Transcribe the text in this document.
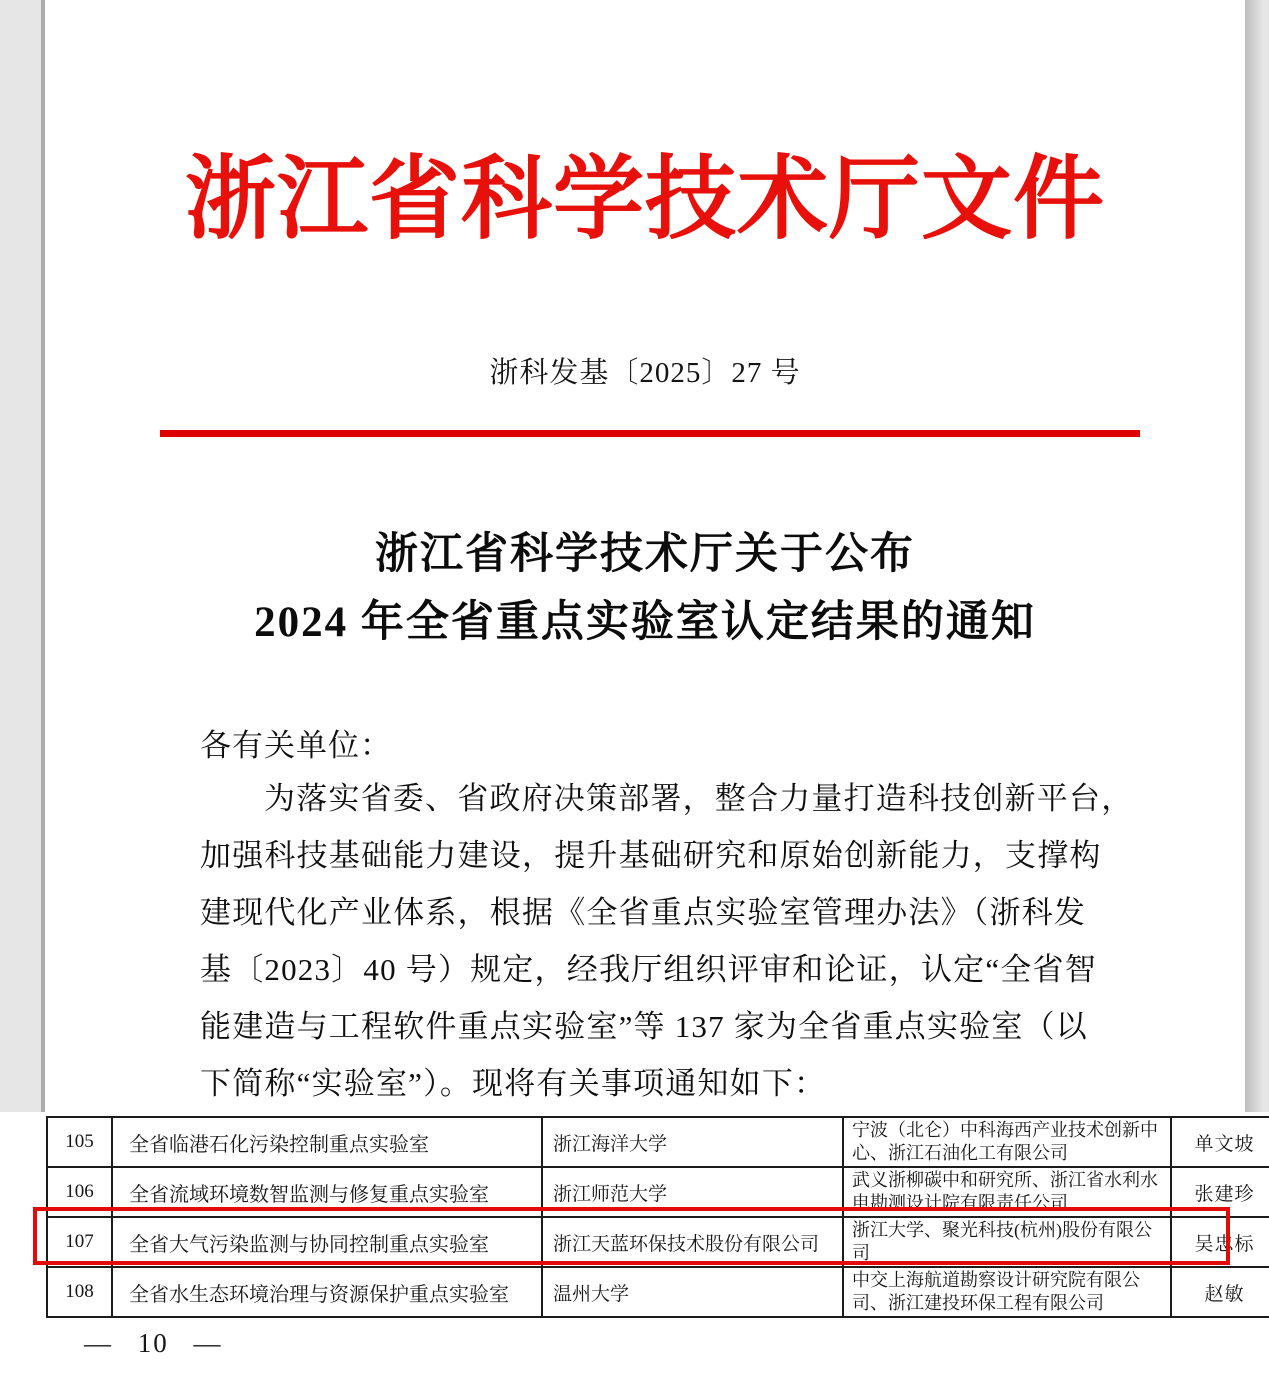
浙江省科学技术厅文件
浙科发基〔2025〕27 号
浙江省科学技术厅关于公布
2024 年全省重点实验室认定结果的通知
各有关单位：
为落实省委、省政府决策部署，整合力量打造科技创新平台，
加强科技基础能力建设，提升基础研究和原始创新能力，支撑构
建现代化产业体系，根据《全省重点实验室管理办法》（浙科发
基〔2023〕40 号）规定，经我厅组织评审和论证，认定“全省智
能建造与工程软件重点实验室”等 137 家为全省重点实验室（以
下简称“实验室”）。现将有关事项通知如下：
105	全省临港石化污染控制重点实验室	浙江海洋大学	宁波（北仑）中科海西产业技术创新中心、浙江石油化工有限公司	单文坡
106	全省流域环境数智监测与修复重点实验室	浙江师范大学	武义浙柳碳中和研究所、浙江省水利水电勘测设计院有限责任公司	张建珍
107	全省大气污染监测与协同控制重点实验室	浙江天蓝环保技术股份有限公司	浙江大学、聚光科技(杭州)股份有限公司	吴忠标
108	全省水生态环境治理与资源保护重点实验室	温州大学	中交上海航道勘察设计研究院有限公司、浙江建投环保工程有限公司	赵敏
— 10 —
